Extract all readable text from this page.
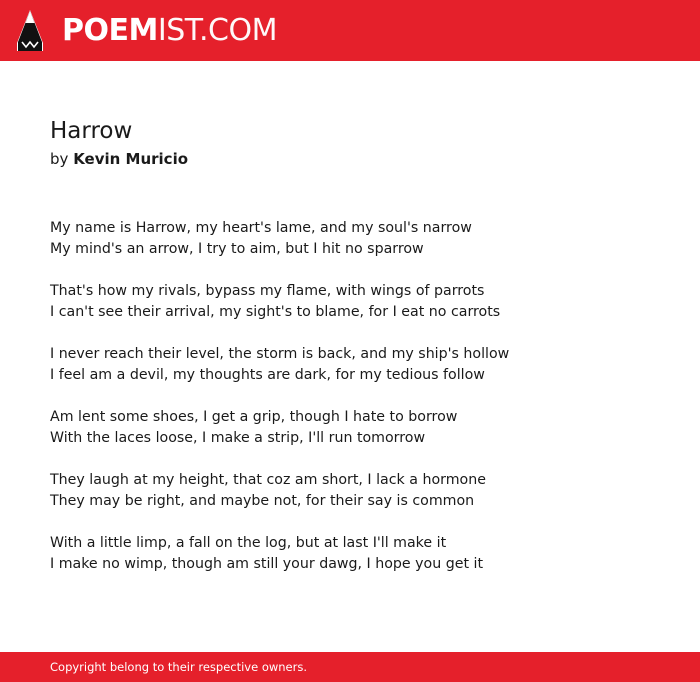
POEMIST.COM
Harrow
by Kevin Muricio

My name is Harrow, my heart's lame, and my soul's narrow
My mind's an arrow, I try to aim, but I hit no sparrow

That's how my rivals, bypass my flame, with wings of parrots
I can't see their arrival, my sight's to blame, for I eat no carrots

I never reach their level, the storm is back, and my ship's hollow
I feel am a devil, my thoughts are dark, for my tedious follow

Am lent some shoes, I get a grip, though I hate to borrow
With the laces loose, I make a strip, I'll run tomorrow

They laugh at my height, that coz am short, I lack a hormone
They may be right, and maybe not, for their say is common

With a little limp, a fall on the log, but at last I'll make it
I make no wimp, though am still your dawg, I hope you get it

Copyright belong to their respective owners.
